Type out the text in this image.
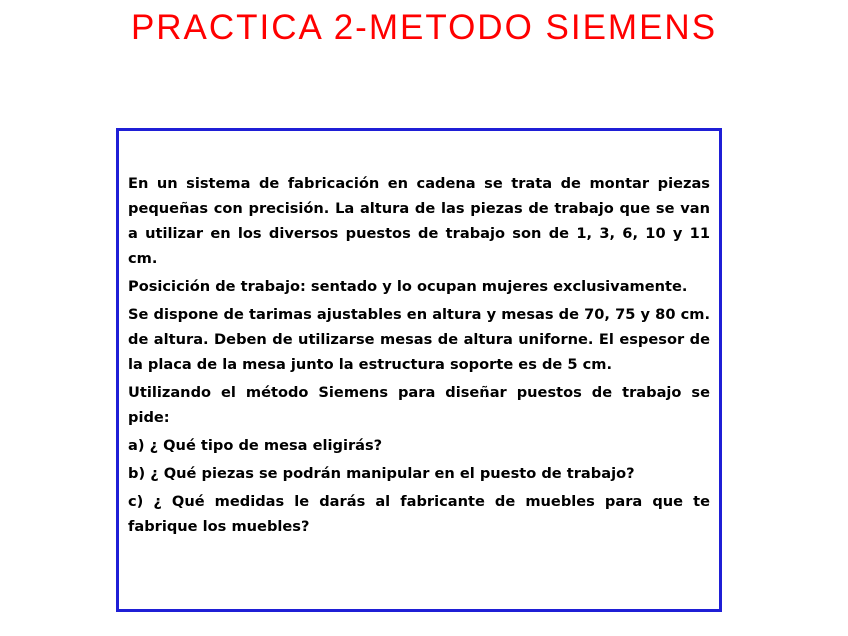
PRACTICA 2-METODO SIEMENS

En un sistema de fabricación en cadena se trata de montar piezas pequeñas con precisión. La altura de las piezas de trabajo que se van a utilizar en los diversos puestos de trabajo son de 1, 3, 6, 10 y 11 cm.

Posicición de trabajo: sentado y lo ocupan mujeres exclusivamente.

Se dispone de tarimas ajustables en altura y mesas de 70, 75 y 80 cm. de altura. Deben de utilizarse mesas de altura uniforne. El espesor de la placa de la mesa junto la estructura soporte es de 5 cm.

Utilizando el método Siemens para diseñar puestos de trabajo se pide:

a) ¿ Qué tipo de mesa eligirás?

b) ¿ Qué piezas se podrán manipular en el puesto de trabajo?

c) ¿ Qué medidas le darás al fabricante de muebles para que te fabrique los muebles?
